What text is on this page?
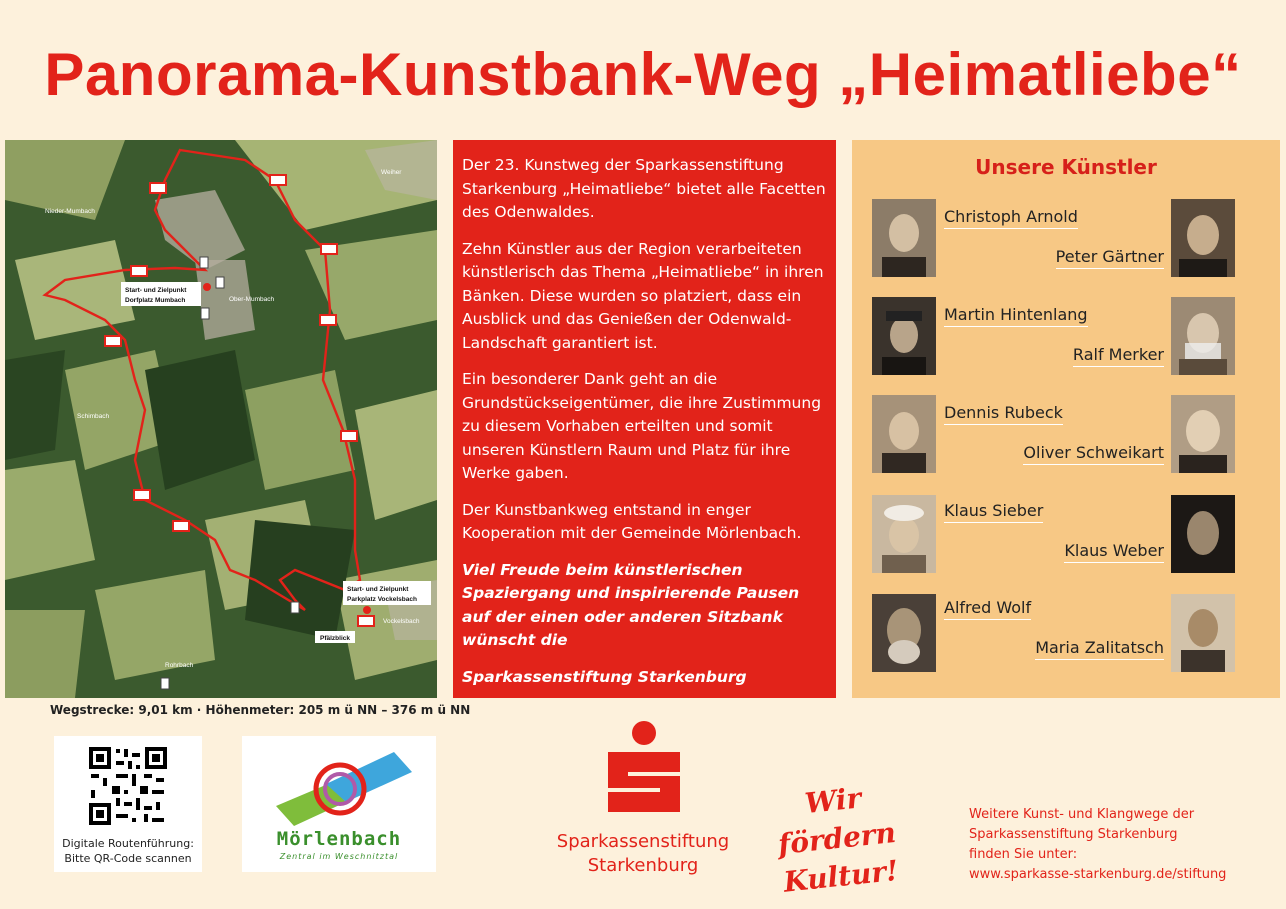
Panorama-Kunstbank-Weg „Heimatliebe“
Nieder-Mumbach
Weiher
Ober-Mumbach
Schimbach
Vockelsbach
Rohrbach
Start- und Zielpunkt
Dorfplatz Mumbach
Start- und Zielpunkt
Parkplatz Vockelsbach
Pfälzblick
Wegstrecke: 9,01 km · Höhenmeter: 205 m ü NN – 376 m ü NN

Der 23. Kunstweg der Sparkassenstiftung Starkenburg „Heimatliebe“ bietet alle Facetten des Odenwaldes.

Zehn Künstler aus der Region verarbeiteten künstlerisch das Thema „Heimatliebe“ in ihren Bänken. Diese wurden so platziert, dass ein Ausblick und das Genießen der Odenwald-Landschaft garantiert ist.

Ein besonderer Dank geht an die Grundstückseigentümer, die ihre Zustimmung zu diesem Vorhaben erteilten und somit unseren Künstlern Raum und Platz für ihre Werke gaben.

Der Kunstbankweg entstand in enger Kooperation mit der Gemeinde Mörlenbach.

Viel Freude beim künstlerischen Spaziergang und inspirierende Pausen auf der einen oder anderen Sitzbank wünscht die

Sparkassenstiftung Starkenburg

Unsere Künstler
Christoph Arnold
Peter Gärtner
Martin Hintenlang
Ralf Merker
Dennis Rubeck
Oliver Schweikart
Klaus Sieber
Klaus Weber
Alfred Wolf
Maria Zalitatsch
Digitale Routenführung:
Bitte QR-Code scannen
Mörlenbach
Zentral im Weschnitztal
Sparkassenstiftung
Starkenburg
Wir fördern
Kultur!
Weitere Kunst- und Klangwege der
Sparkassenstiftung Starkenburg
finden Sie unter:
www.sparkasse-starkenburg.de/stiftung
